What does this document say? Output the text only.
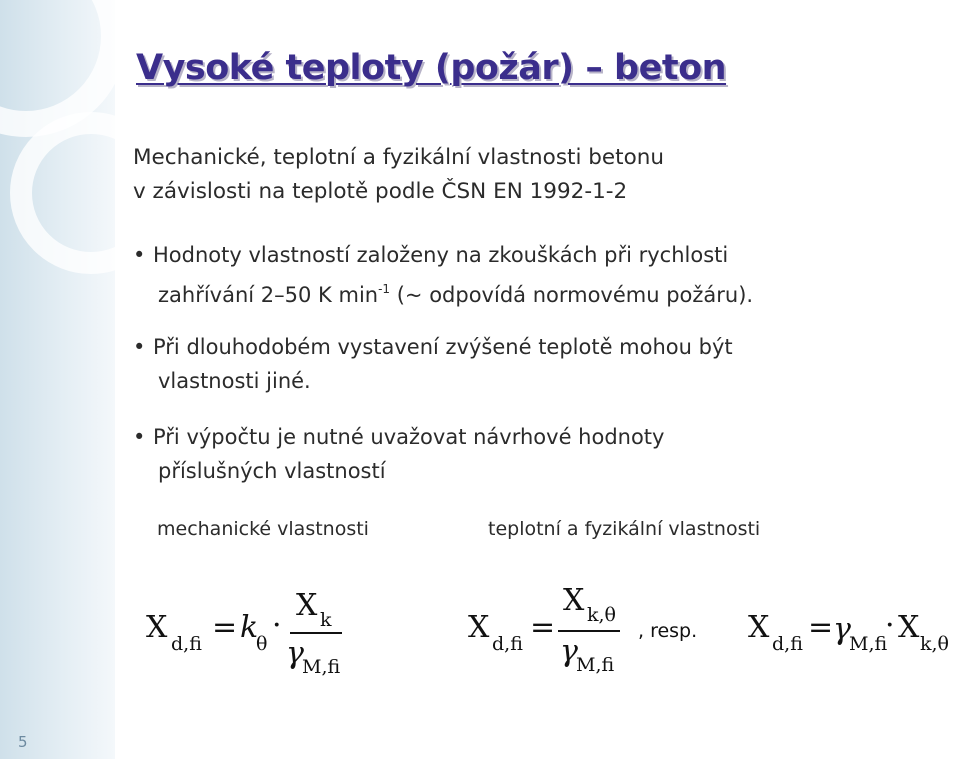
5
Vysoké teploty (požár) – beton
Mechanické, teplotní a fyzikální vlastnosti betonu
v závislosti na teplotě podle ČSN EN 1992-1-2
• Hodnoty vlastností založeny na zkouškách při rychlosti
zahřívání 2–50 K $\min^{-1}$ (~ odpovídá normovému požáru).
• Při dlouhodobém vystavení zvýšené teplotě mohou být
vlastnosti jiné.
• Při výpočtu je nutné uvažovat návrhové hodnoty
příslušných vlastností
mechanické vlastnosti	teplotní a fyzikální vlastnosti
X d,fi = k
θ
·
X k
γ
M,fi
X d,fi =
X k,θ
γ
M,fi
, resp. X d,fi = γ
M,fi
· X k,θ
